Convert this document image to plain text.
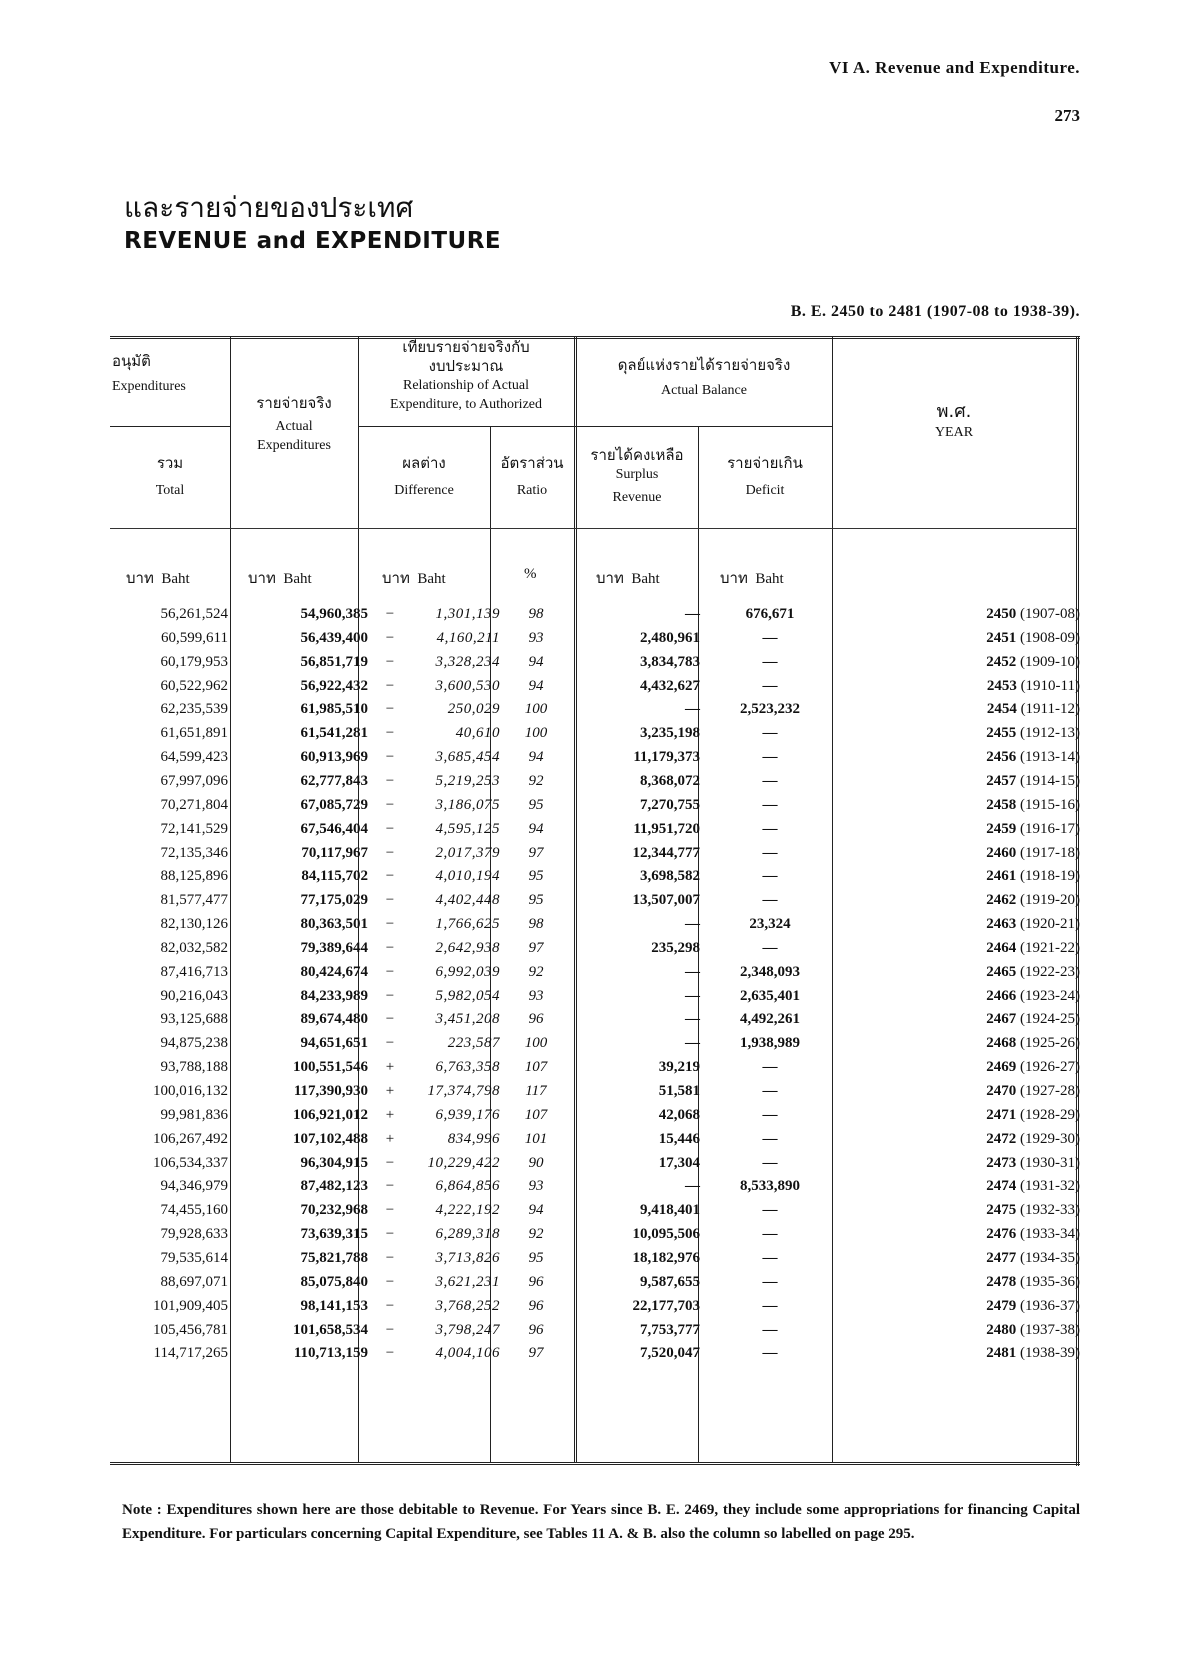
VI A. Revenue and Expenditure.
273
และรายจ่ายของประเทศ
REVENUE and EXPENDITURE
B. E. 2450 to 2481 (1907-08 to 1938-39).
อนุมัติ
Expenditures
รวม
Total
รายจ่ายจริง
Actual Expenditures
เทียบรายจ่ายจริงกับ
งบประมาณ
Relationship of Actual
Expenditure, to Authorized
ผลต่าง
Difference
อัตราส่วน
Ratio
ดุลย์แห่งรายได้รายจ่ายจริง
Actual Balance
รายได้คงเหลือ
Surplus
Revenue
รายจ่ายเกิน
Deficit
พ.ศ.
YEAR
บาท Baht	บาท Baht	บาท Baht	%	บาท Baht	บาท Baht
56,261,524	54,960,385	−	1,301,139	98	—	676,671	2450 (1907-08)
60,599,611	56,439,400	−	4,160,211	93	2,480,961	—	2451 (1908-09)
60,179,953	56,851,719	−	3,328,234	94	3,834,783	—	2452 (1909-10)
60,522,962	56,922,432	−	3,600,530	94	4,432,627	—	2453 (1910-11)
62,235,539	61,985,510	−	250,029	100	—	2,523,232	2454 (1911-12)
61,651,891	61,541,281	−	40,610	100	3,235,198	—	2455 (1912-13)
64,599,423	60,913,969	−	3,685,454	94	11,179,373	—	2456 (1913-14)
67,997,096	62,777,843	−	5,219,253	92	8,368,072	—	2457 (1914-15)
70,271,804	67,085,729	−	3,186,075	95	7,270,755	—	2458 (1915-16)
72,141,529	67,546,404	−	4,595,125	94	11,951,720	—	2459 (1916-17)
72,135,346	70,117,967	−	2,017,379	97	12,344,777	—	2460 (1917-18)
88,125,896	84,115,702	−	4,010,194	95	3,698,582	—	2461 (1918-19)
81,577,477	77,175,029	−	4,402,448	95	13,507,007	—	2462 (1919-20)
82,130,126	80,363,501	−	1,766,625	98	—	23,324	2463 (1920-21)
82,032,582	79,389,644	−	2,642,938	97	235,298	—	2464 (1921-22)
87,416,713	80,424,674	−	6,992,039	92	—	2,348,093	2465 (1922-23)
90,216,043	84,233,989	−	5,982,054	93	—	2,635,401	2466 (1923-24)
93,125,688	89,674,480	−	3,451,208	96	—	4,492,261	2467 (1924-25)
94,875,238	94,651,651	−	223,587	100	—	1,938,989	2468 (1925-26)
93,788,188	100,551,546	+	6,763,358	107	39,219	—	2469 (1926-27)
100,016,132	117,390,930	+	17,374,798	117	51,581	—	2470 (1927-28)
99,981,836	106,921,012	+	6,939,176	107	42,068	—	2471 (1928-29)
106,267,492	107,102,488	+	834,996	101	15,446	—	2472 (1929-30)
106,534,337	96,304,915	−	10,229,422	90	17,304	—	2473 (1930-31)
94,346,979	87,482,123	−	6,864,856	93	—	8,533,890	2474 (1931-32)
74,455,160	70,232,968	−	4,222,192	94	9,418,401	—	2475 (1932-33)
79,928,633	73,639,315	−	6,289,318	92	10,095,506	—	2476 (1933-34)
79,535,614	75,821,788	−	3,713,826	95	18,182,976	—	2477 (1934-35)
88,697,071	85,075,840	−	3,621,231	96	9,587,655	—	2478 (1935-36)
101,909,405	98,141,153	−	3,768,252	96	22,177,703	—	2479 (1936-37)
105,456,781	101,658,534	−	3,798,247	96	7,753,777	—	2480 (1937-38)
114,717,265	110,713,159	−	4,004,106	97	7,520,047	—	2481 (1938-39)
Note : Expenditures shown here are those debitable to Revenue. For Years since B. E. 2469, they include some appropriations for financing Capital Expenditure. For particulars concerning Capital Expenditure, see Tables 11 A. & B. also the column so labelled on page 295.
